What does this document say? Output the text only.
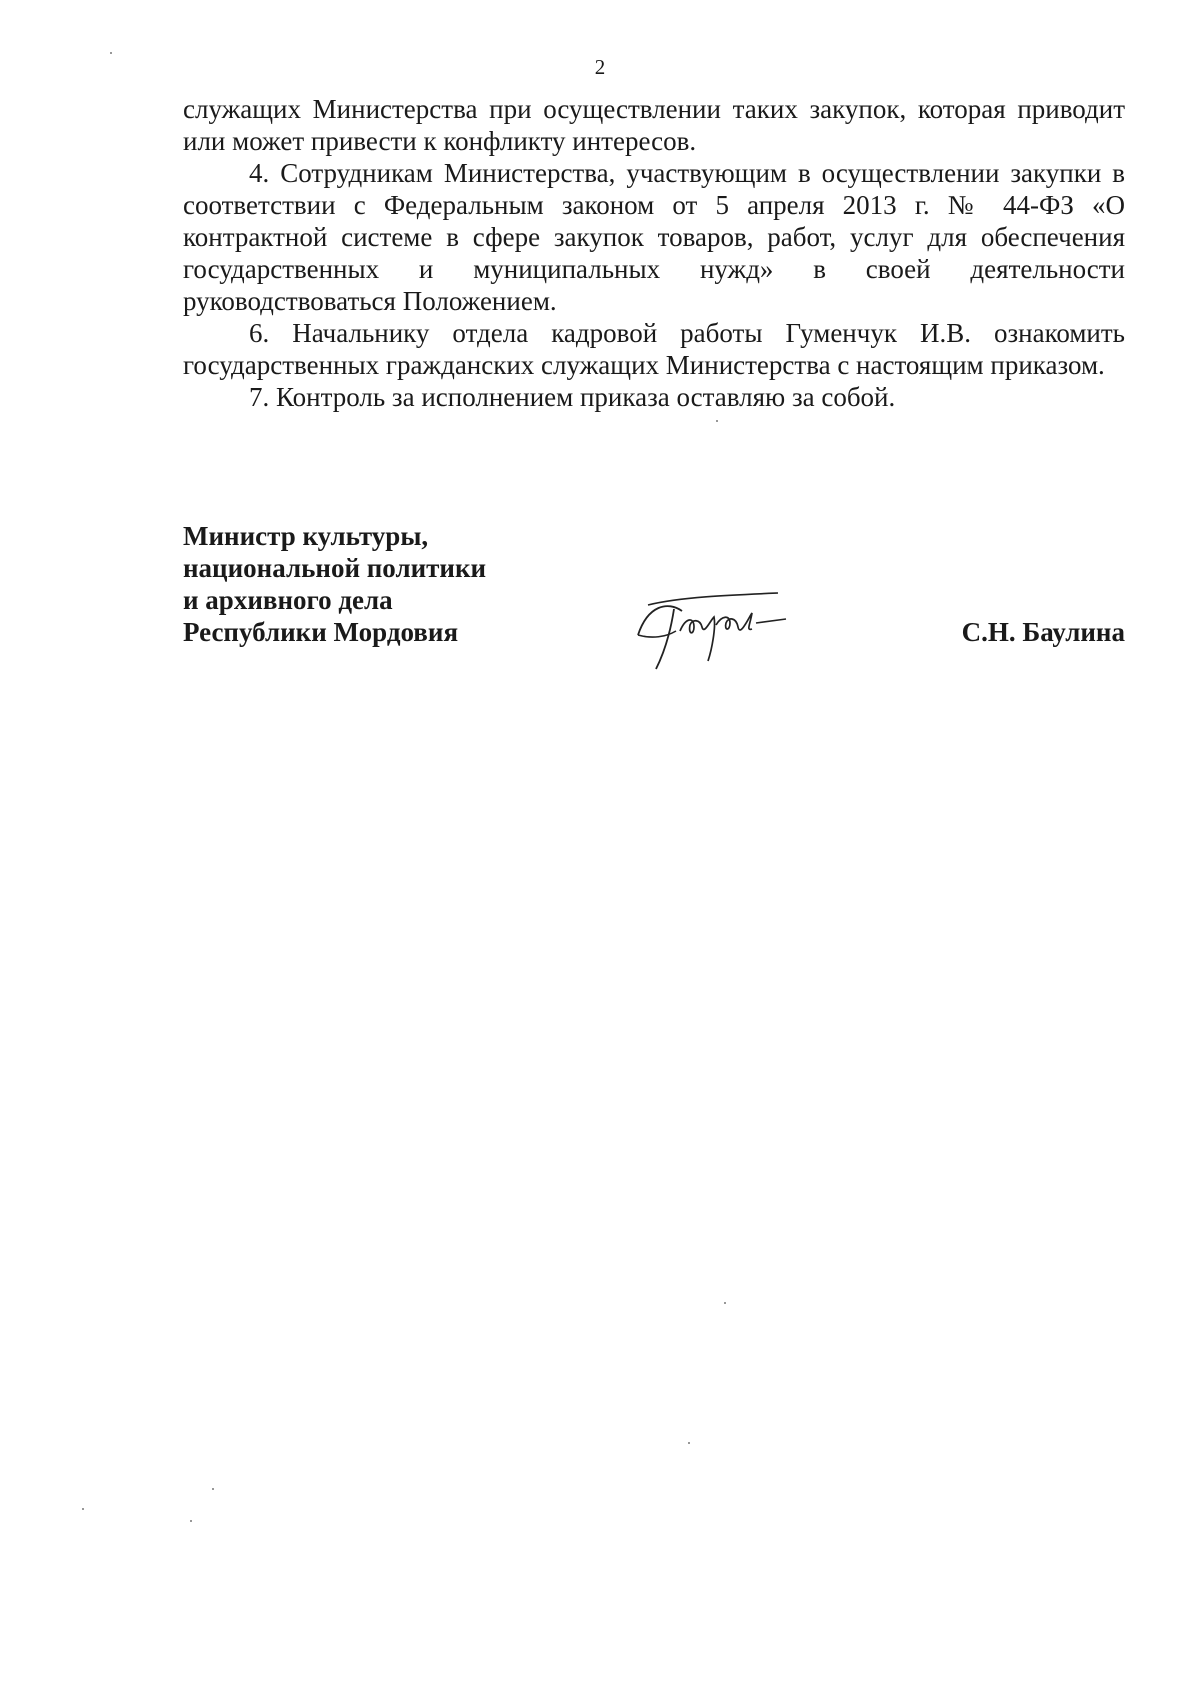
2

служащих Министерства при осуществлении таких закупок, которая приводит или может привести к конфликту интересов.

4. Сотрудникам Министерства, участвующим в осуществлении закупки в соответствии с Федеральным законом от 5 апреля 2013 г. № 44-ФЗ «О контрактной системе в сфере закупок товаров, работ, услуг для обеспечения государственных и муниципальных нужд» в своей деятельности руководствоваться Положением.

6. Начальнику отдела кадровой работы Гуменчук И.В. ознакомить государственных гражданских служащих Министерства с настоящим приказом.

7. Контроль за исполнением приказа оставляю за собой.

Министр культуры,
национальной политики
и архивного дела
Республики Мордовия	С.Н. Баулина
